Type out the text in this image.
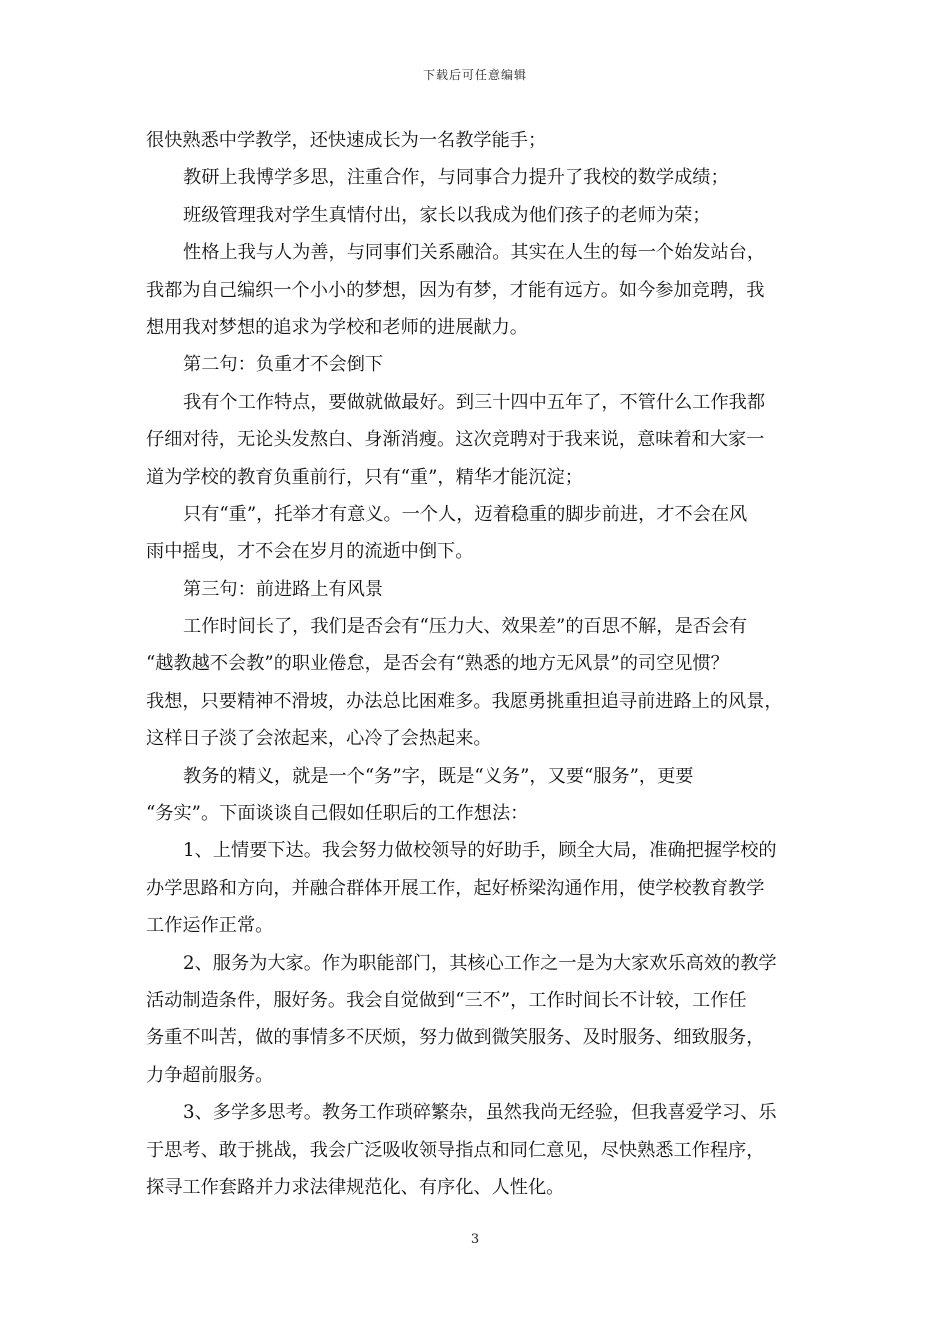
下载后可任意编辑
很快熟悉中学教学，还快速成长为一名教学能手；
教研上我博学多思，注重合作，与同事合力提升了我校的数学成绩；
班级管理我对学生真情付出，家长以我成为他们孩子的老师为荣；
性格上我与人为善，与同事们关系融洽。其实在人生的每一个始发站台，
我都为自己编织一个小小的梦想，因为有梦，才能有远方。如今参加竞聘，我
想用我对梦想的追求为学校和老师的进展献力。
第二句：负重才不会倒下
我有个工作特点，要做就做最好。到三十四中五年了，不管什么工作我都
仔细对待，无论头发熬白、身渐消瘦。这次竞聘对于我来说，意味着和大家一
道为学校的教育负重前行，只有“重”，精华才能沉淀；
只有“重”，托举才有意义。一个人，迈着稳重的脚步前进，才不会在风
雨中摇曳，才不会在岁月的流逝中倒下。
第三句：前进路上有风景
工作时间长了，我们是否会有“压力大、效果差”的百思不解，是否会有
“越教越不会教”的职业倦怠，是否会有“熟悉的地方无风景”的司空见惯？
我想，只要精神不滑坡，办法总比困难多。我愿勇挑重担追寻前进路上的风景，
这样日子淡了会浓起来，心冷了会热起来。
教务的精义，就是一个“务”字，既是“义务”，又要“服务”，更要
“务实”。下面谈谈自己假如任职后的工作想法：
1、上情要下达。我会努力做校领导的好助手，顾全大局，准确把握学校的
办学思路和方向，并融合群体开展工作，起好桥梁沟通作用，使学校教育教学
工作运作正常。
2、服务为大家。作为职能部门，其核心工作之一是为大家欢乐高效的教学
活动制造条件，服好务。我会自觉做到“三不”，工作时间长不计较，工作任
务重不叫苦，做的事情多不厌烦，努力做到微笑服务、及时服务、细致服务，
力争超前服务。
3、多学多思考。教务工作琐碎繁杂，虽然我尚无经验，但我喜爱学习、乐
于思考、敢于挑战，我会广泛吸收领导指点和同仁意见，尽快熟悉工作程序，
探寻工作套路并力求法律规范化、有序化、人性化。
3
